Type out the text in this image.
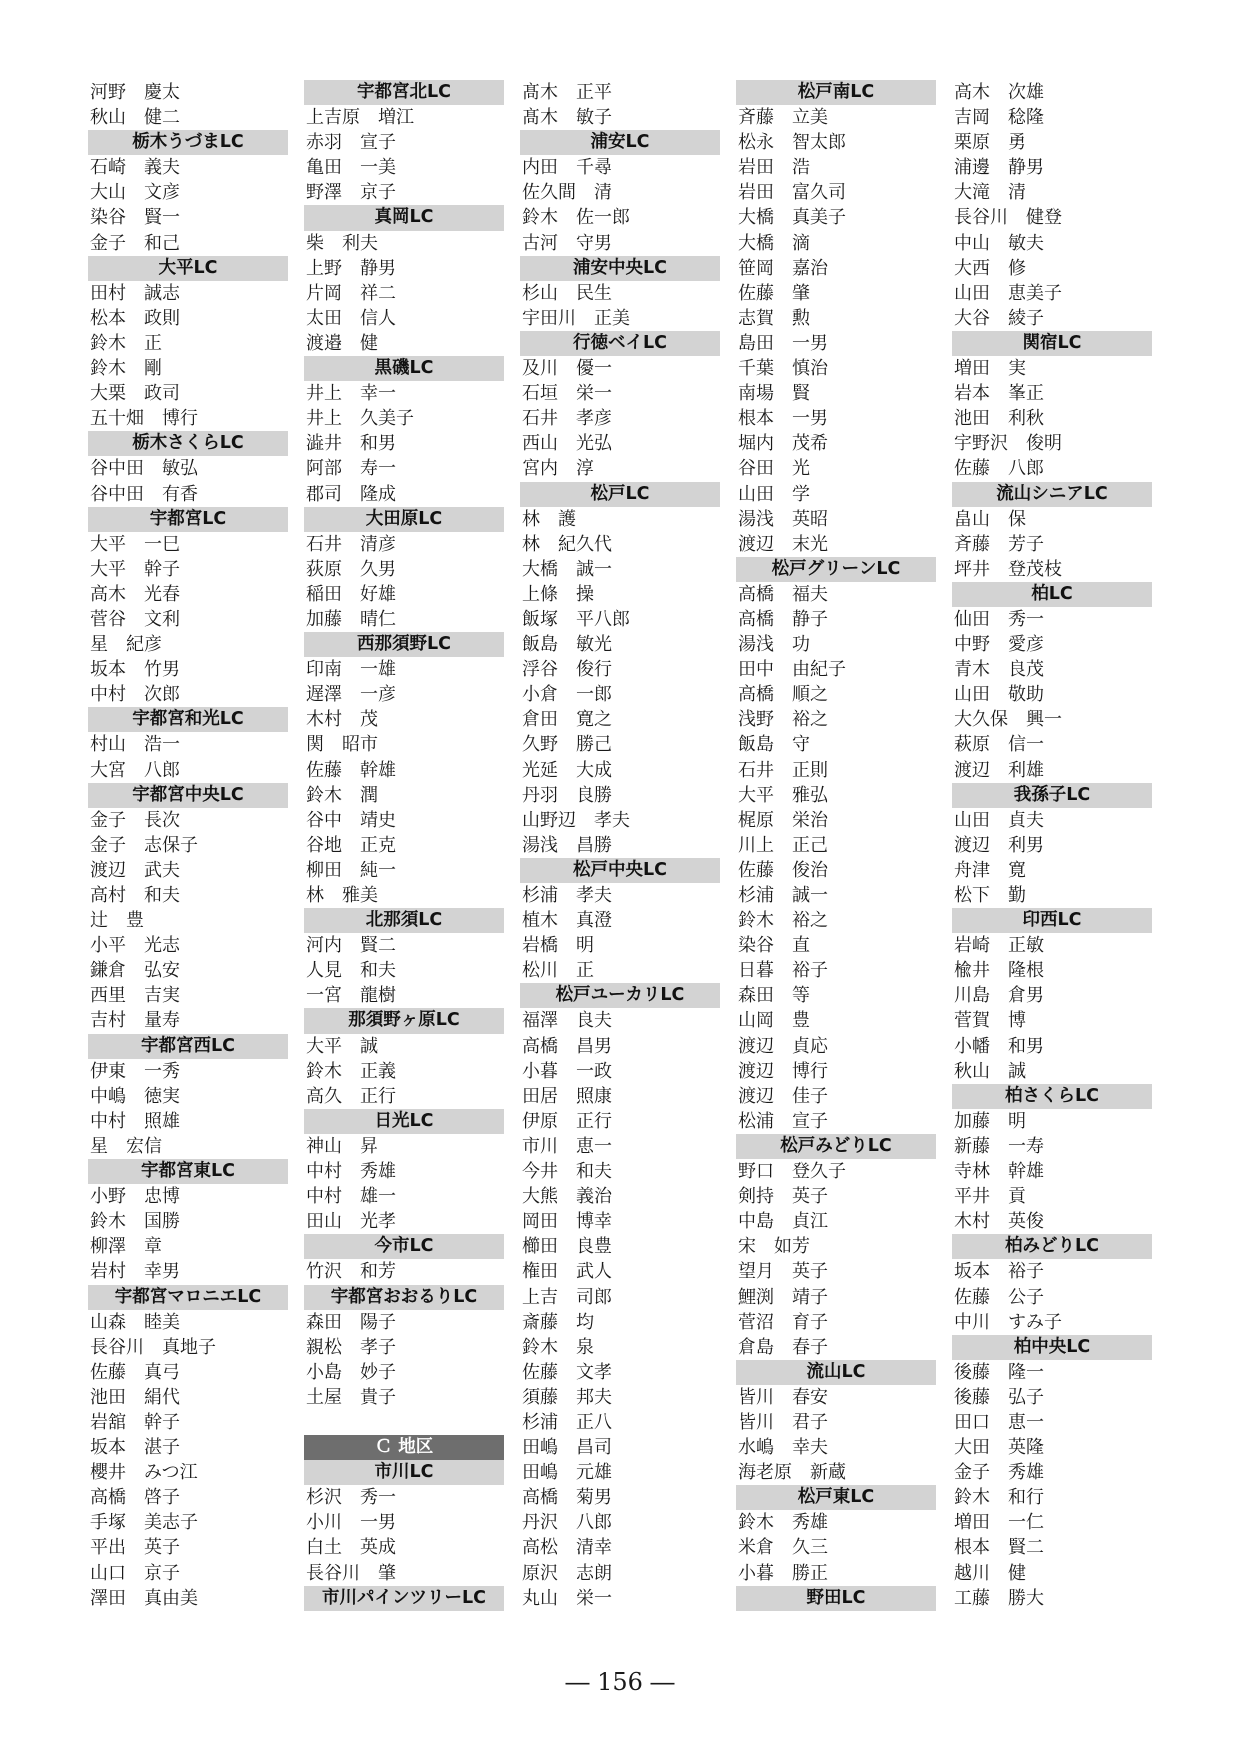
河野　慶太
秋山　健二
栃木うづまLC
石崎　義夫
大山　文彦
染谷　賢一
金子　和己
大平LC
田村　誠志
松本　政則
鈴木　正
鈴木　剛
大栗　政司
五十畑　博行
栃木さくらLC
谷中田　敏弘
谷中田　有香
宇都宮LC
大平　一巳
大平　幹子
高木　光春
菅谷　文利
星　紀彦
坂本　竹男
中村　次郎
宇都宮和光LC
村山　浩一
大宮　八郎
宇都宮中央LC
金子　長次
金子　志保子
渡辺　武夫
高村　和夫
辻　豊
小平　光志
鎌倉　弘安
西里　吉実
吉村　量寿
宇都宮西LC
伊東　一秀
中嶋　徳実
中村　照雄
星　宏信
宇都宮東LC
小野　忠博
鈴木　国勝
柳澤　章
岩村　幸男
宇都宮マロニエLC
山森　睦美
長谷川　真地子
佐藤　真弓
池田　絹代
岩舘　幹子
坂本　湛子
櫻井　みつ江
高橋　啓子
手塚　美志子
平出　英子
山口　京子
澤田　真由美
宇都宮北LC
上吉原　増江
赤羽　宣子
亀田　一美
野澤　京子
真岡LC
柴　利夫
上野　静男
片岡　祥二
太田　信人
渡邉　健
黒磯LC
井上　幸一
井上　久美子
澁井　和男
阿部　寿一
郡司　隆成
大田原LC
石井　清彦
荻原　久男
稲田　好雄
加藤　晴仁
西那須野LC
印南　一雄
遅澤　一彦
木村　茂
関　昭市
佐藤　幹雄
鈴木　潤
谷中　靖史
谷地　正克
柳田　純一
林　雅美
北那須LC
河内　賢二
人見　和夫
一宮　龍樹
那須野ヶ原LC
大平　誠
鈴木　正義
高久　正行
日光LC
神山　昇
中村　秀雄
中村　雄一
田山　光孝
今市LC
竹沢　和芳
宇都宮おおるりLC
森田　陽子
親松　孝子
小島　妙子
土屋　貴子
Ｃ 地区
市川LC
杉沢　秀一
小川　一男
白土　英成
長谷川　肇
市川パインツリーLC
髙木　正平
髙木　敏子
浦安LC
内田　千尋
佐久間　清
鈴木　佐一郎
古河　守男
浦安中央LC
杉山　民生
宇田川　正美
行徳ベイLC
及川　優一
石垣　栄一
石井　孝彦
西山　光弘
宮内　淳
松戸LC
林　護
林　紀久代
大橋　誠一
上條　操
飯塚　平八郎
飯島　敏光
浮谷　俊行
小倉　一郎
倉田　寛之
久野　勝己
光延　大成
丹羽　良勝
山野辺　孝夫
湯浅　昌勝
松戸中央LC
杉浦　孝夫
植木　真澄
岩橋　明
松川　正
松戸ユーカリLC
福澤　良夫
高橋　昌男
小暮　一政
田居　照康
伊原　正行
市川　恵一
今井　和夫
大熊　義治
岡田　博幸
櫛田　良豊
権田　武人
上吉　司郎
斎藤　均
鈴木　泉
佐藤　文孝
須藤　邦夫
杉浦　正八
田嶋　昌司
田嶋　元雄
高橋　菊男
丹沢　八郎
高松　清幸
原沢　志朗
丸山　栄一
松戸南LC
斉藤　立美
松永　智太郎
岩田　浩
岩田　富久司
大橋　真美子
大橋　滴
笹岡　嘉治
佐藤　肇
志賀　勲
島田　一男
千葉　慎治
南場　賢
根本　一男
堀内　茂希
谷田　光
山田　学
湯浅　英昭
渡辺　末光
松戸グリーンLC
高橋　福夫
高橋　静子
湯浅　功
田中　由紀子
高橋　順之
浅野　裕之
飯島　守
石井　正則
大平　雅弘
梶原　栄治
川上　正己
佐藤　俊治
杉浦　誠一
鈴木　裕之
染谷　直
日暮　裕子
森田　等
山岡　豊
渡辺　貞応
渡辺　博行
渡辺　佳子
松浦　宣子
松戸みどりLC
野口　登久子
剣持　英子
中島　貞江
宋　如芳
望月　英子
鯉渕　靖子
菅沼　育子
倉島　春子
流山LC
皆川　春安
皆川　君子
水嶋　幸夫
海老原　新蔵
松戸東LC
鈴木　秀雄
米倉　久三
小暮　勝正
野田LC
高木　次雄
吉岡　稔隆
栗原　勇
浦邊　静男
大滝　清
長谷川　健登
中山　敏夫
大西　修
山田　恵美子
大谷　綾子
関宿LC
増田　実
岩本　峯正
池田　利秋
宇野沢　俊明
佐藤　八郎
流山シニアLC
畠山　保
斉藤　芳子
坪井　登茂枝
柏LC
仙田　秀一
中野　愛彦
青木　良茂
山田　敬助
大久保　興一
萩原　信一
渡辺　利雄
我孫子LC
山田　貞夫
渡辺　利男
舟津　寛
松下　勤
印西LC
岩崎　正敏
楡井　隆根
川島　倉男
菅賀　博
小幡　和男
秋山　誠
柏さくらLC
加藤　明
新藤　一寿
寺林　幹雄
平井　貢
木村　英俊
柏みどりLC
坂本　裕子
佐藤　公子
中川　すみ子
柏中央LC
後藤　隆一
後藤　弘子
田口　恵一
大田　英隆
金子　秀雄
鈴木　和行
増田　一仁
根本　賢二
越川　健
工藤　勝大
― 156 ―
